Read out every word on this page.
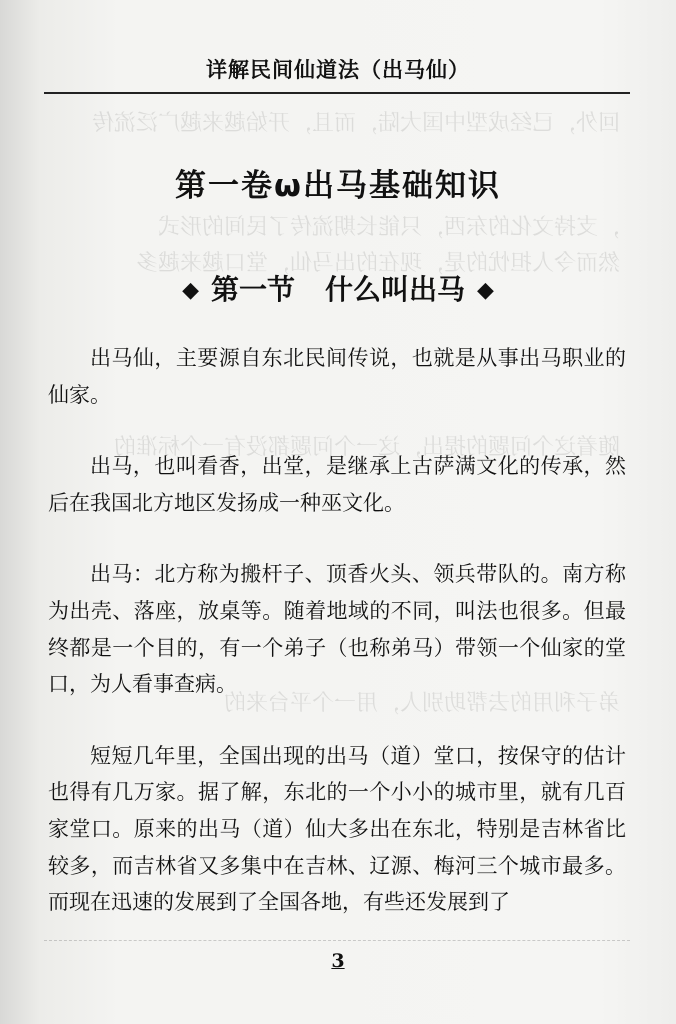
详解民间仙道法（出马仙）
回外，已经成型中国大陆，而且，开始越来越广泛流传
，支持文化的东西，只能长期流传了民间的形式
然而令人担忧的是，现在的出马仙，堂口越来越多
随着这个问题的提出，这一个问题都没有一个标准的
弟子利用的去帮助别人，用一个平台来的
第一卷ω出马基础知识
◆ 第一节 什么叫出马 ◆

出马仙，主要源自东北民间传说，也就是从事出马职业的仙家。

出马，也叫看香，出堂，是继承上古萨满文化的传承，然后在我国北方地区发扬成一种巫文化。

出马：北方称为搬杆子、顶香火头、领兵带队的。南方称为出壳、落座，放桌等。随着地域的不同，叫法也很多。但最终都是一个目的，有一个弟子（也称弟马）带领一个仙家的堂口，为人看事查病。

短短几年里，全国出现的出马（道）堂口，按保守的估计也得有几万家。据了解，东北的一个小小的城市里，就有几百家堂口。原来的出马（道）仙大多出在东北，特别是吉林省比较多，而吉林省又多集中在吉林、辽源、梅河三个城市最多。而现在迅速的发展到了全国各地，有些还发展到了

3
